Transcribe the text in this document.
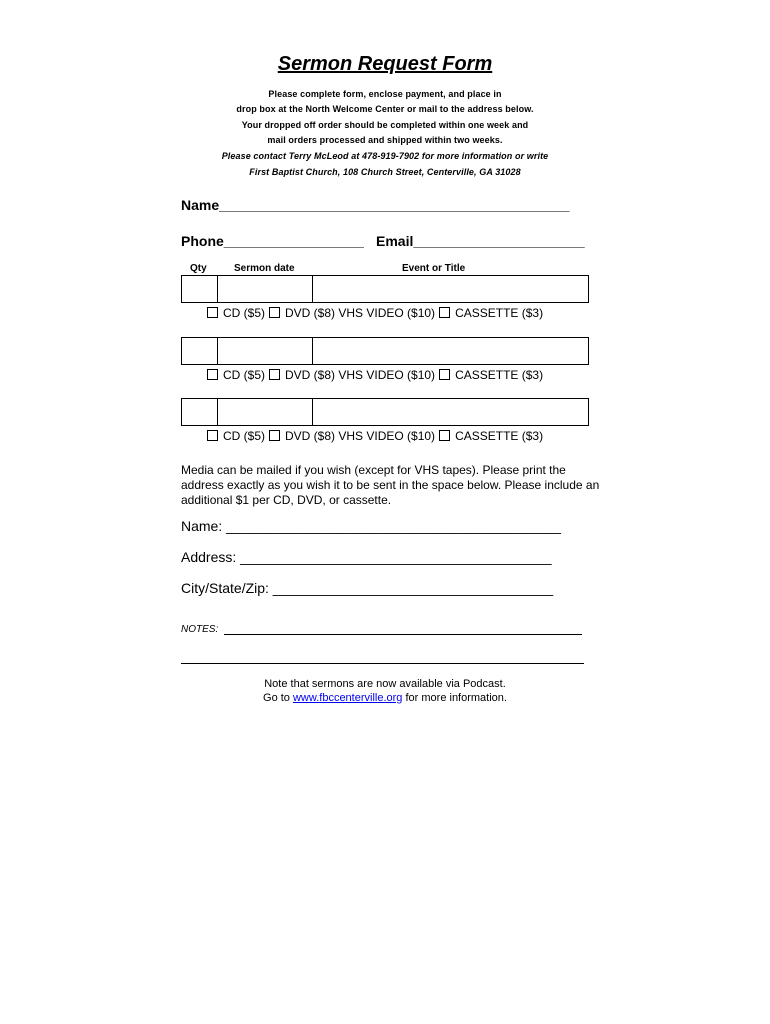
Sermon Request Form
Please complete form, enclose payment, and place in
drop box at the North Welcome Center or mail to the address below.
Your dropped off order should be completed within one week and
mail orders processed and shipped within two weeks.
Please contact Terry McLeod at 478-919-7902 for more information or write
First Baptist Church, 108 Church Street, Centerville, GA 31028
Name_____________________________________________
Phone__________________ Email______________________
Qty	Sermon date	Event or Title

CD ($5) DVD ($8) VHS VIDEO ($10) CASSETTE ($3)

CD ($5) DVD ($8) VHS VIDEO ($10) CASSETTE ($3)

CD ($5) DVD ($8) VHS VIDEO ($10) CASSETTE ($3)
Media can be mailed if you wish (except for VHS tapes). Please print the address exactly as you wish it to be sent in the space below. Please include an additional $1 per CD, DVD, or cassette.
Name: ___________________________________________
Address: ________________________________________
City/State/Zip: ____________________________________
NOTES:
Note that sermons are now available via Podcast.
Go to www.fbccenterville.org for more information.
